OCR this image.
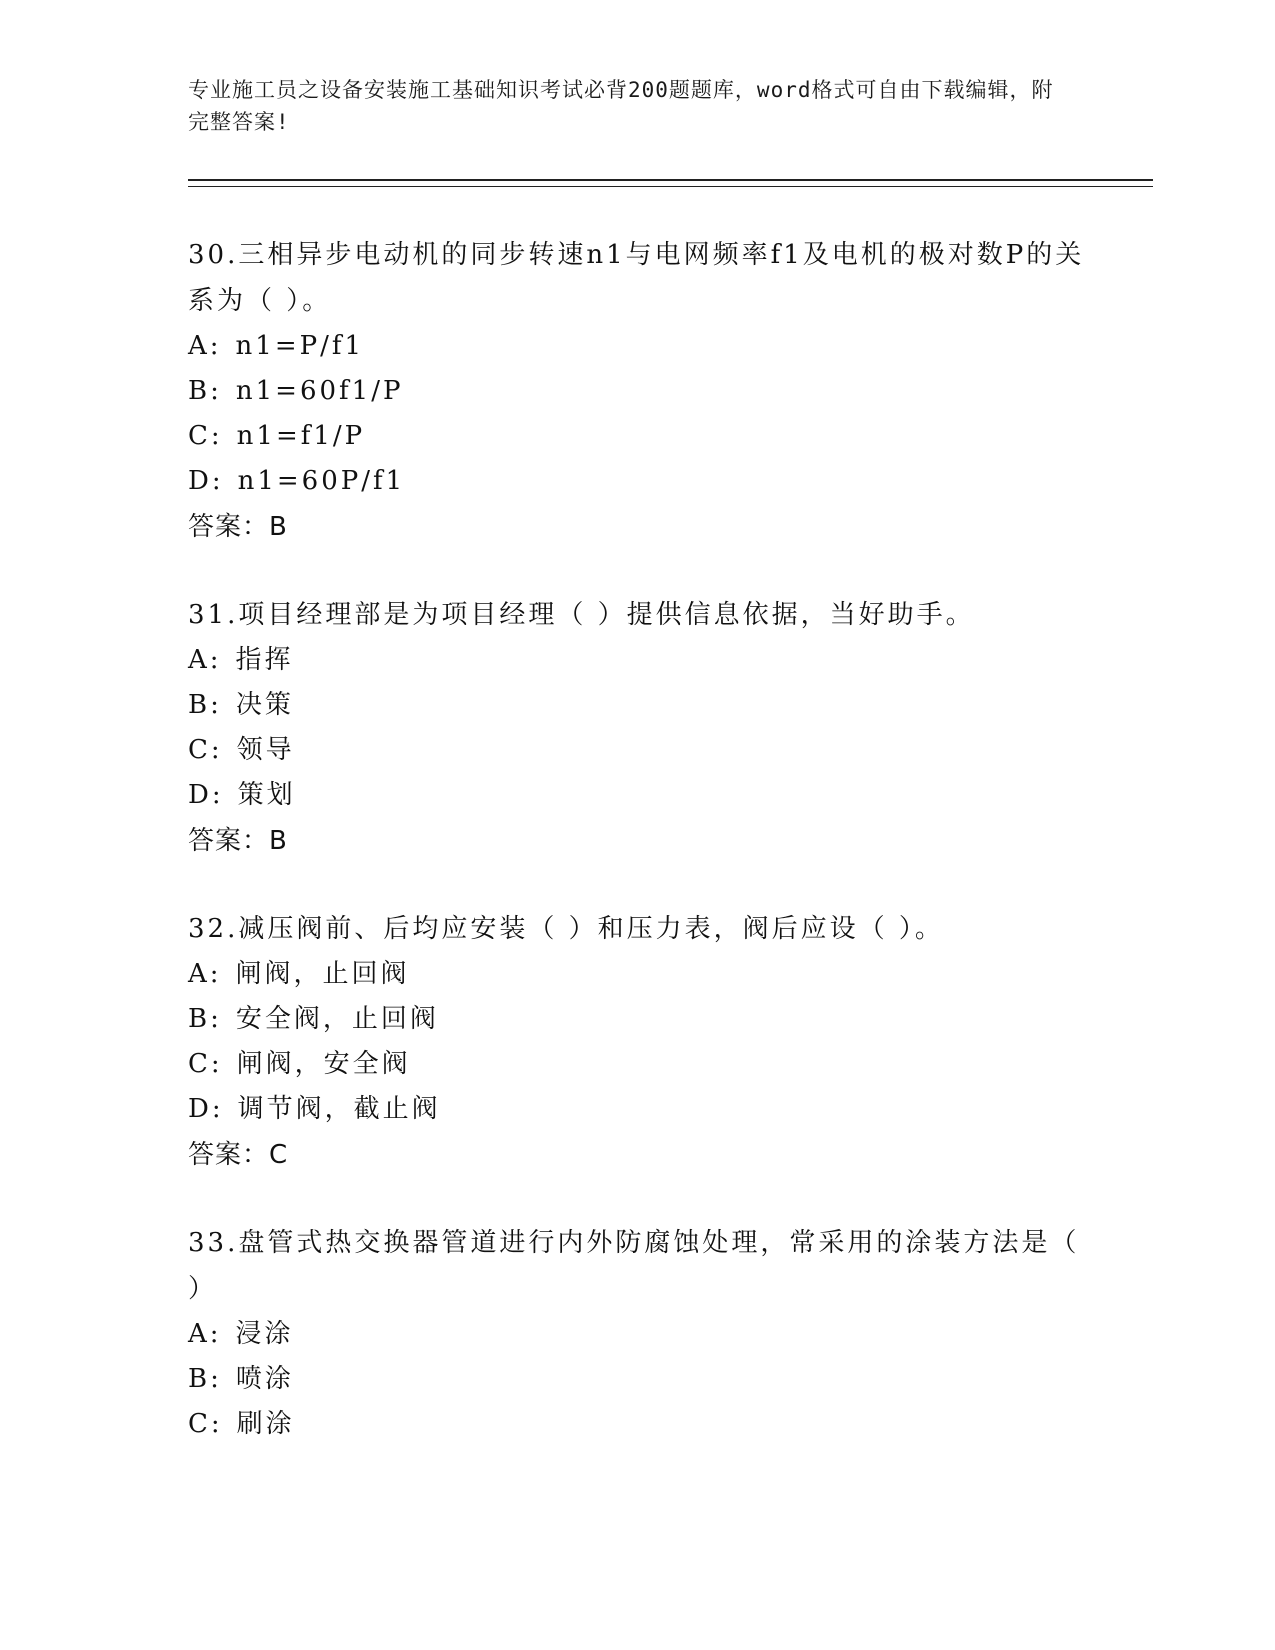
专业施工员之设备安装施工基础知识考试必背200题题库，word格式可自由下载编辑，附完整答案!

30.三相异步电动机的同步转速n1与电网频率f1及电机的极对数P的关系为（ ）。

A: n1=P/f1
B: n1=60f1/P
C: n1=f1/P
D: n1=60P/f1
答案：B

31.项目经理部是为项目经理（ ）提供信息依据，当好助手。

A: 指挥
B: 决策
C: 领导
D: 策划
答案：B

32.减压阀前、后均应安装（ ）和压力表，阀后应设（ ）。

A: 闸阀，止回阀
B: 安全阀，止回阀
C: 闸阀，安全阀
D: 调节阀，截止阀
答案：C

33.盘管式热交换器管道进行内外防腐蚀处理，常采用的涂装方法是（ ）

A: 浸涂
B: 喷涂
C: 刷涂
